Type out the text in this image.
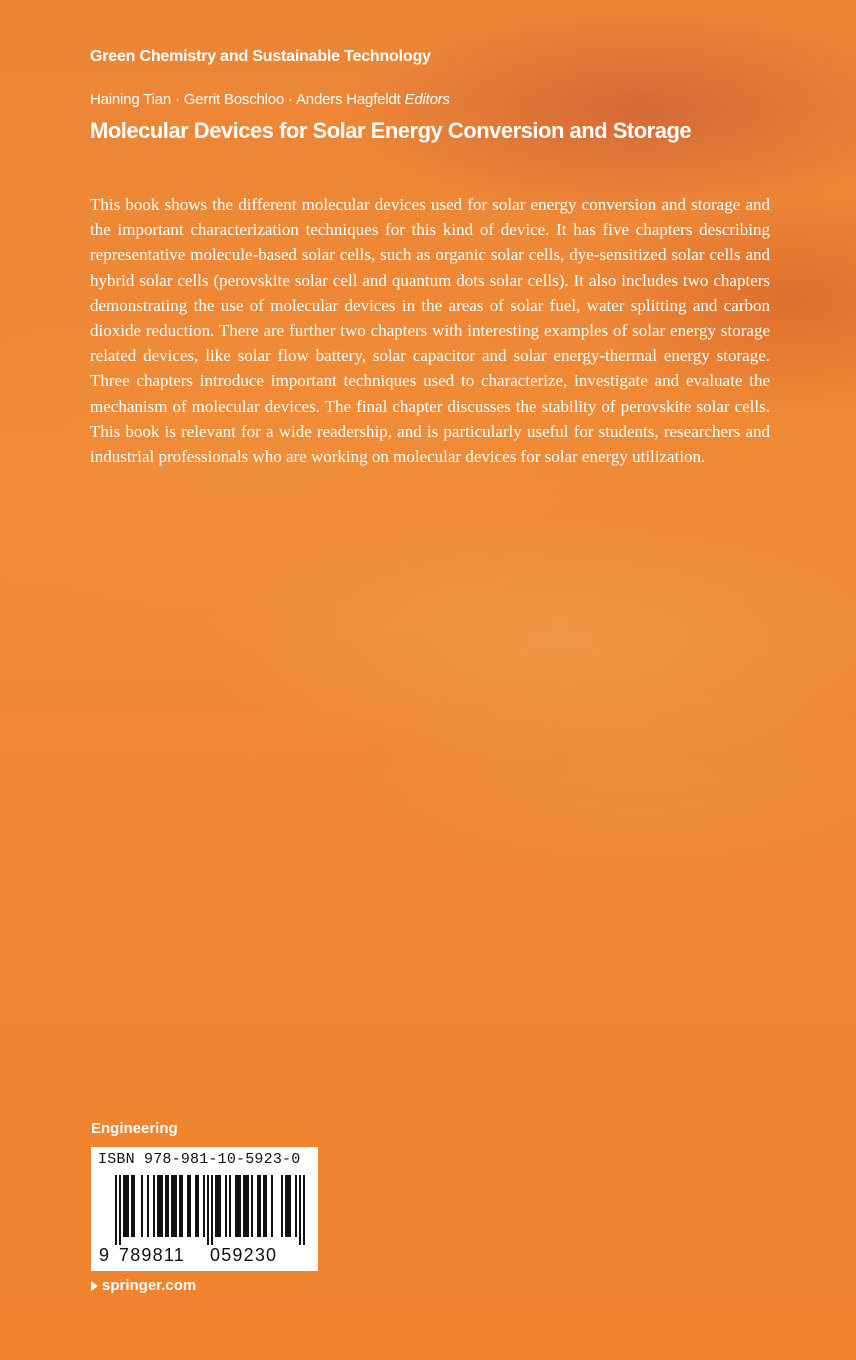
Green Chemistry and Sustainable Technology
Haining Tian · Gerrit Boschloo · Anders Hagfeldt Editors
Molecular Devices for Solar Energy Conversion and Storage

This book shows the different molecular devices used for solar energy conversion and storage and the important characterization techniques for this kind of device. It has five chapters describing representative molecule-based solar cells, such as organic solar cells, dye-sensitized solar cells and hybrid solar cells (perovskite solar cell and quantum dots solar cells). It also includes two chapters demonstrating the use of molecular devices in the areas of solar fuel, water splitting and carbon dioxide reduction. There are further two chapters with interesting examples of solar energy storage related devices, like solar flow battery, solar capacitor and solar energy-thermal energy storage. Three chapters introduce important techniques used to characterize, investigate and evaluate the mechanism of molecular devices. The final chapter discusses the stability of perovskite solar cells. This book is relevant for a wide readership, and is particularly useful for students, researchers and industrial professionals who are working on molecular devices for solar energy utilization.

Engineering
ISBN 978-981-10-5923-0
9 789811 059230
springer.com
